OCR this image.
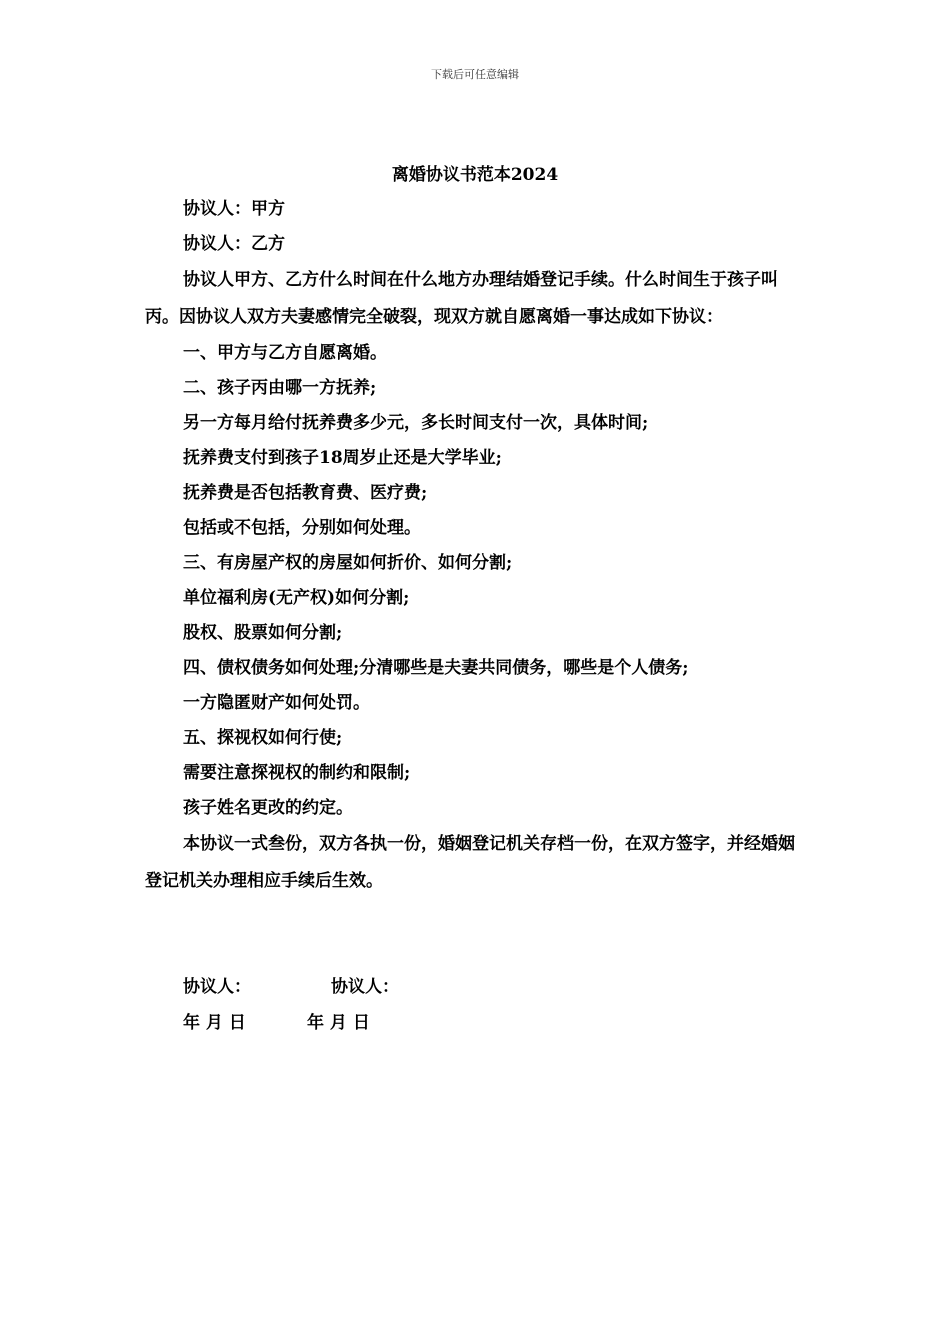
下载后可任意编辑
离婚协议书范本2024
协议人：甲方
协议人：乙方

协议人甲方、乙方什么时间在什么地方办理结婚登记手续。什么时间生于孩子叫丙。因协议人双方夫妻感情完全破裂，现双方就自愿离婚一事达成如下协议：

一、甲方与乙方自愿离婚。
二、孩子丙由哪一方抚养;
另一方每月给付抚养费多少元，多长时间支付一次，具体时间;
抚养费支付到孩子18周岁止还是大学毕业;
抚养费是否包括教育费、医疗费;
包括或不包括，分别如何处理。
三、有房屋产权的房屋如何折价、如何分割;
单位福利房(无产权)如何分割;
股权、股票如何分割;
四、债权债务如何处理;分清哪些是夫妻共同债务，哪些是个人债务;
一方隐匿财产如何处罚。
五、探视权如何行使;
需要注意探视权的制约和限制;
孩子姓名更改的约定。

本协议一式叁份，双方各执一份，婚姻登记机关存档一份，在双方签字，并经婚姻登记机关办理相应手续后生效。

协议人：	协议人：
年 月 日	年 月 日
